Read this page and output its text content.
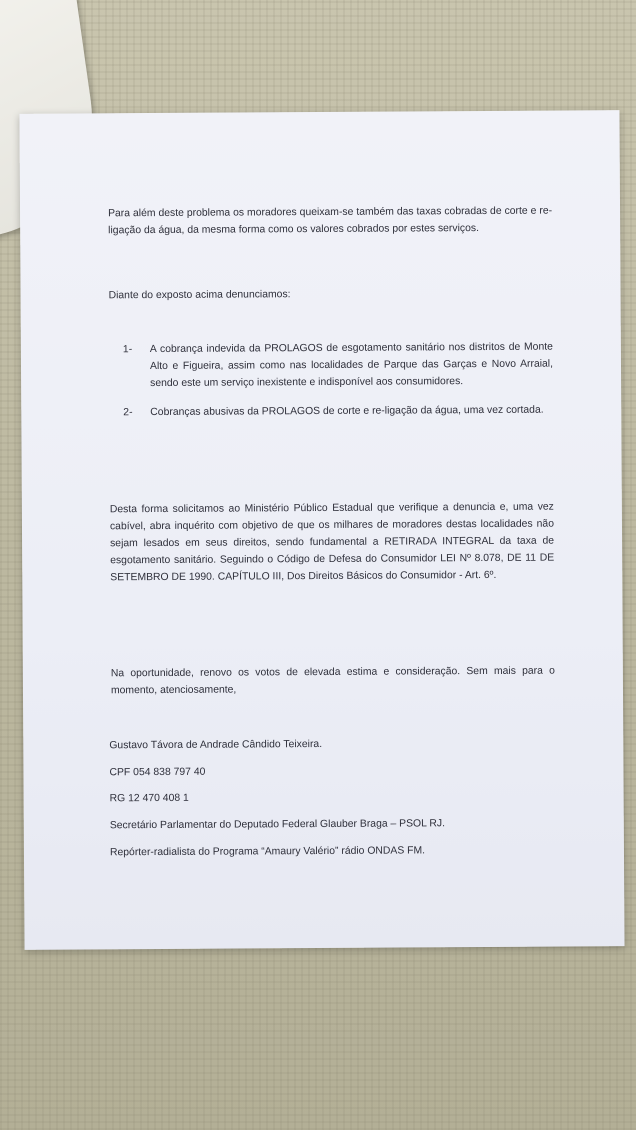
Para além deste problema os moradores queixam-se também das taxas cobradas de corte e re-ligação da água, da mesma forma como os valores cobrados por estes serviços.

Diante do exposto acima denunciamos:

1- A cobrança indevida da PROLAGOS de esgotamento sanitário nos distritos de Monte Alto e Figueira, assim como nas localidades de Parque das Garças e Novo Arraial, sendo este um serviço inexistente e indisponível aos consumidores.
2- Cobranças abusivas da PROLAGOS de corte e re-ligação da água, uma vez cortada.

Desta forma solicitamos ao Ministério Público Estadual que verifique a denuncia e, uma vez cabível, abra inquérito com objetivo de que os milhares de moradores destas localidades não sejam lesados em seus direitos, sendo fundamental a RETIRADA INTEGRAL da taxa de esgotamento sanitário. Seguindo o Código de Defesa do Consumidor LEI Nº 8.078, DE 11 DE SETEMBRO DE 1990. CAPÍTULO III, Dos Direitos Básicos do Consumidor - Art. 6º.

Na oportunidade, renovo os votos de elevada estima e consideração. Sem mais para o momento, atenciosamente,

Gustavo Távora de Andrade Cândido Teixeira.

CPF 054 838 797 40

RG 12 470 408 1

Secretário Parlamentar do Deputado Federal Glauber Braga – PSOL RJ.

Repórter-radialista do Programa “Amaury Valério” rádio ONDAS FM.
